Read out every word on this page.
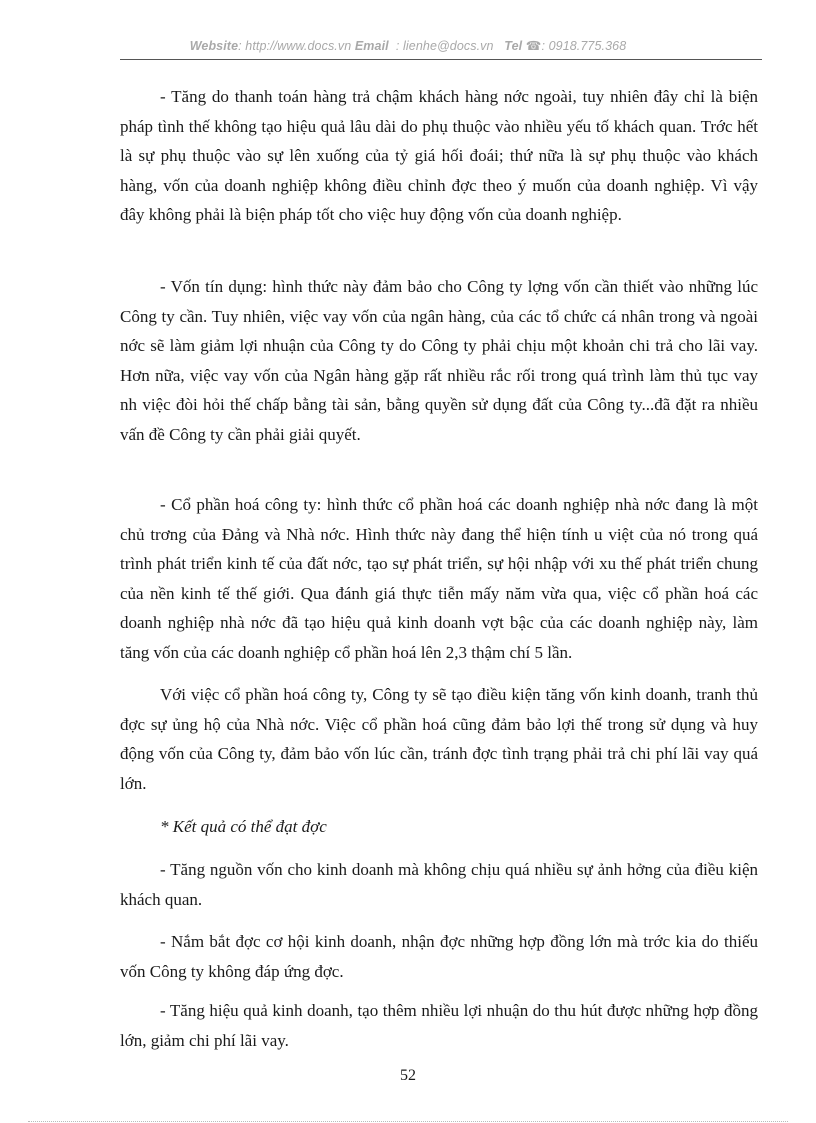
Website: http://www.docs.vn Email : lienhe@docs.vn Tel ☎: 0918.775.368

- Tăng do thanh toán hàng trả chậm khách hàng nớc ngoài, tuy nhiên đây chỉ là biện pháp tình thế không tạo hiệu quả lâu dài do phụ thuộc vào nhiều yếu tố khách quan. Trớc hết là sự phụ thuộc vào sự lên xuống của tỷ giá hối đoái; thứ nữa là sự phụ thuộc vào khách hàng, vốn của doanh nghiệp không điều chỉnh đợc theo ý muốn của doanh nghiệp. Vì vậy đây không phải là biện pháp tốt cho việc huy động vốn của doanh nghiệp.

- Vốn tín dụng: hình thức này đảm bảo cho Công ty lợng vốn cần thiết vào những lúc Công ty cần. Tuy nhiên, việc vay vốn của ngân hàng, của các tổ chức cá nhân trong và ngoài nớc sẽ làm giảm lợi nhuận của Công ty do Công ty phải chịu một khoản chi trả cho lãi vay. Hơn nữa, việc vay vốn của Ngân hàng gặp rất nhiều rắc rối trong quá trình làm thủ tục vay nh việc đòi hỏi thế chấp bằng tài sản, bằng quyền sử dụng đất của Công ty...đã đặt ra nhiều vấn đề Công ty cần phải giải quyết.

- Cổ phần hoá công ty: hình thức cổ phần hoá các doanh nghiệp nhà nớc đang là một chủ trơng của Đảng và Nhà nớc. Hình thức này đang thể hiện tính u việt của nó trong quá trình phát triển kinh tế của đất nớc, tạo sự phát triển, sự hội nhập với xu thế phát triển chung của nền kinh tế thế giới. Qua đánh giá thực tiễn mấy năm vừa qua, việc cổ phần hoá các doanh nghiệp nhà nớc đã tạo hiệu quả kinh doanh vợt bậc của các doanh nghiệp này, làm tăng vốn của các doanh nghiệp cổ phần hoá lên 2,3 thậm chí 5 lần.

Với việc cổ phần hoá công ty, Công ty sẽ tạo điều kiện tăng vốn kinh doanh, tranh thủ đợc sự ủng hộ của Nhà nớc. Việc cổ phần hoá cũng đảm bảo lợi thế trong sử dụng và huy động vốn của Công ty, đảm bảo vốn lúc cần, tránh đợc tình trạng phải trả chi phí lãi vay quá lớn.

* Kết quả có thể đạt đợc

- Tăng nguồn vốn cho kinh doanh mà không chịu quá nhiều sự ảnh hởng của điều kiện khách quan.

- Nắm bắt đợc cơ hội kinh doanh, nhận đợc những hợp đồng lớn mà trớc kia do thiếu vốn Công ty không đáp ứng đợc.

- Tăng hiệu quả kinh doanh, tạo thêm nhiều lợi nhuận do thu hút được những hợp đồng lớn, giảm chi phí lãi vay.

52
